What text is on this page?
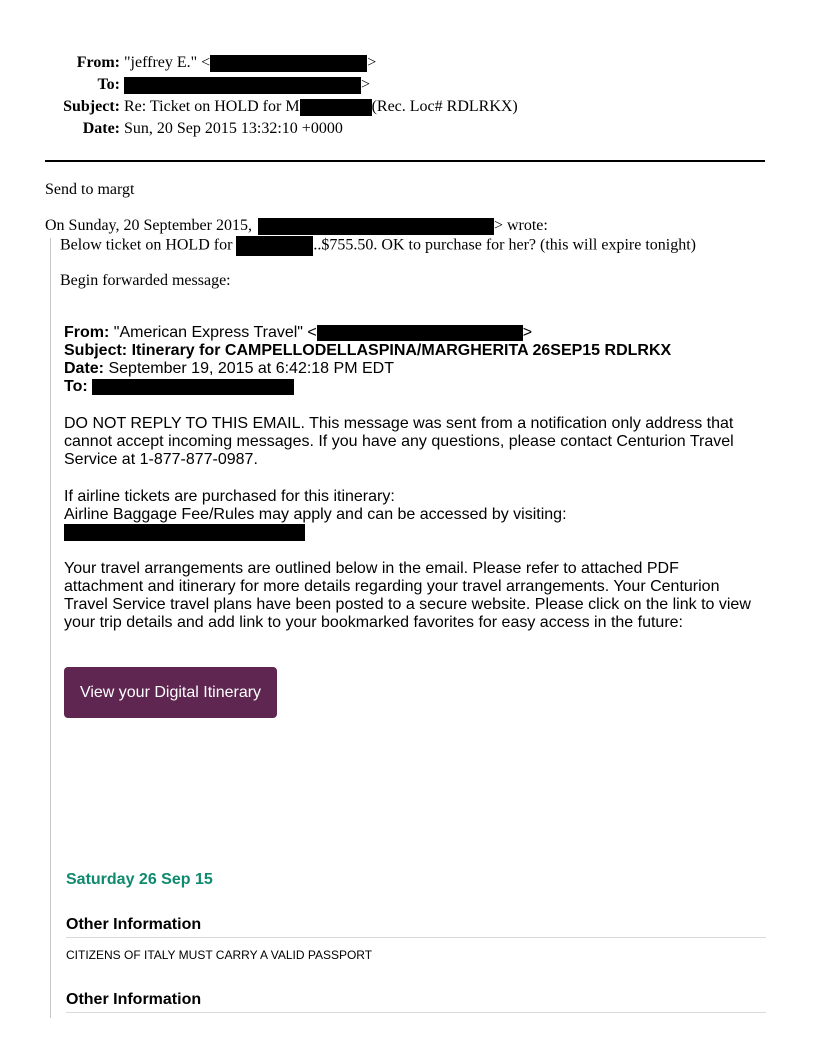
From: "jeffrey E." <	>
To:	>
Subject: Re: Ticket on HOLD for M	(Rec. Loc# RDLRKX)
Date: Sun, 20 Sep 2015 13:32:10 +0000
Send to margt
On Sunday, 20 September 2015,	> wrote:
Below ticket on HOLD for	..$755.50. OK to purchase for her? (this will expire tonight)
Begin forwarded message:
From: "American Express Travel" <	>
Subject: Itinerary for CAMPELLODELLASPINA/MARGHERITA 26SEP15 RDLRKX
Date: September 19, 2015 at 6:42:18 PM EDT
To:
DO NOT REPLY TO THIS EMAIL. This message was sent from a notification only address that
cannot accept incoming messages. If you have any questions, please contact Centurion Travel
Service at 1-877-877-0987.
If airline tickets are purchased for this itinerary:
Airline Baggage Fee/Rules may apply and can be accessed by visiting:
Your travel arrangements are outlined below in the email. Please refer to attached PDF
attachment and itinerary for more details regarding your travel arrangements. Your Centurion
Travel Service travel plans have been posted to a secure website. Please click on the link to view
your trip details and add link to your bookmarked favorites for easy access in the future:
View your Digital Itinerary
Saturday 26 Sep 15
Other Information
CITIZENS OF ITALY MUST CARRY A VALID PASSPORT
Other Information
